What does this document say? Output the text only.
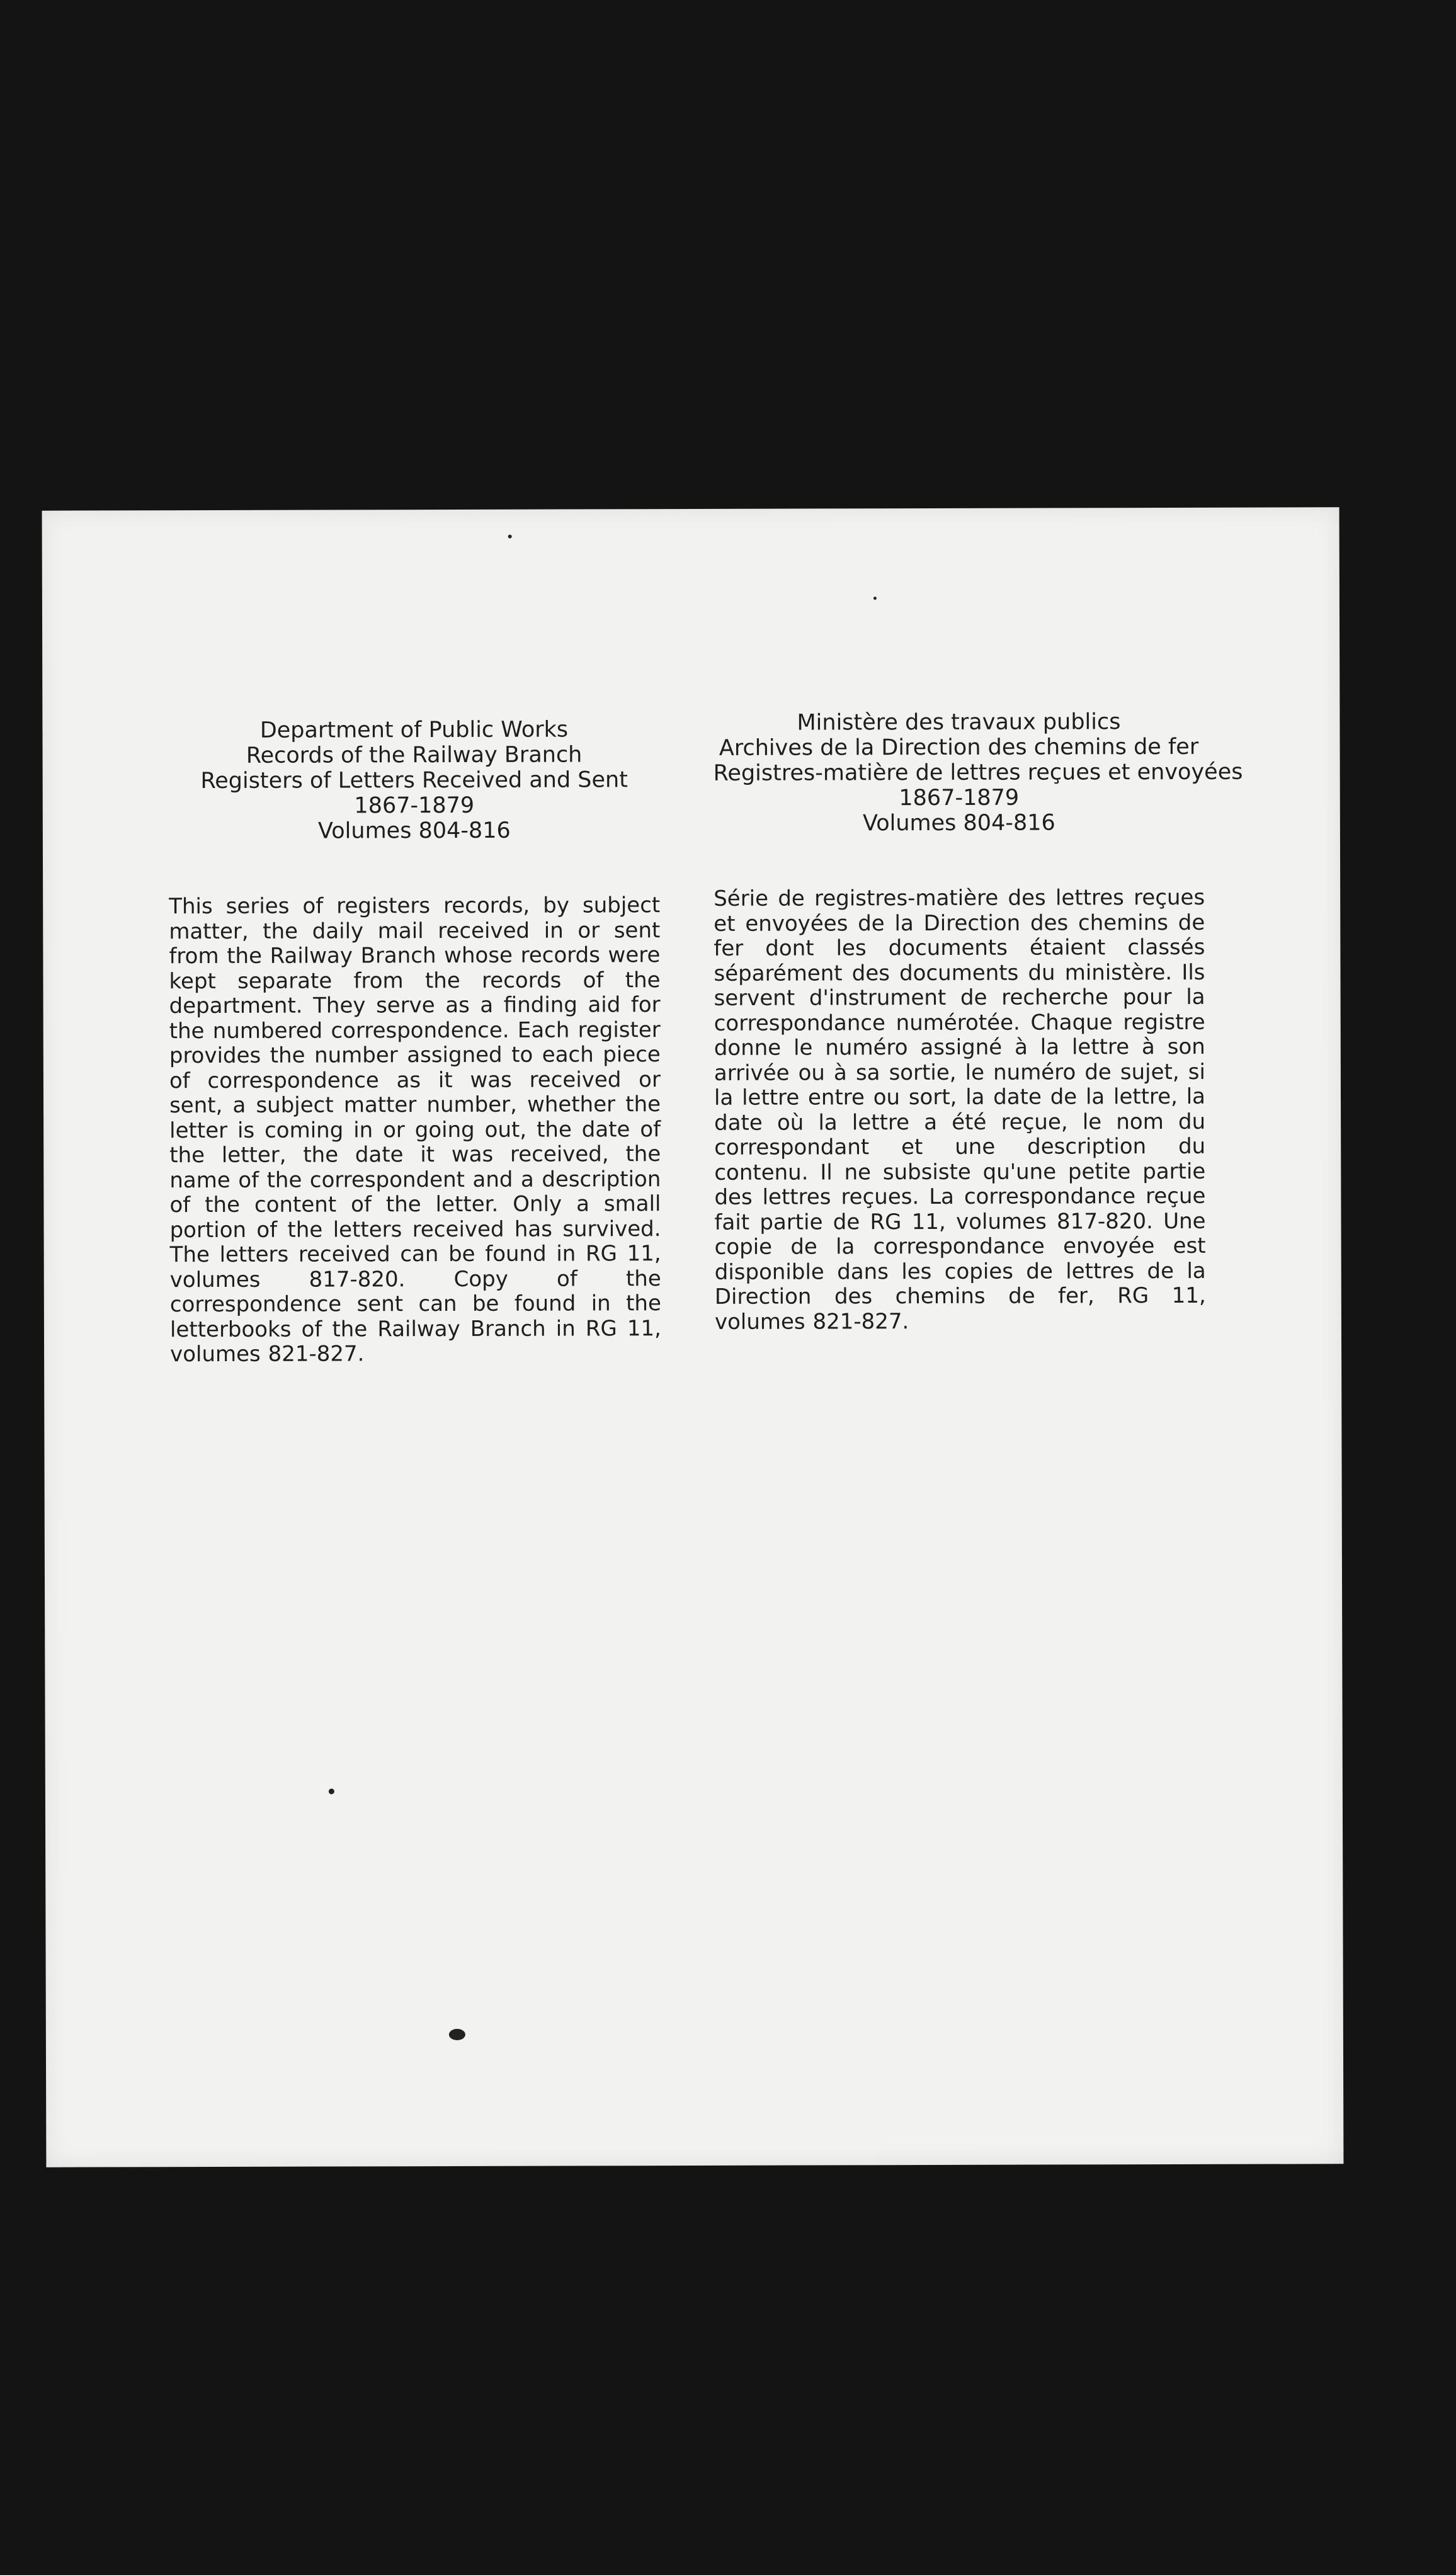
Department of Public Works
Records of the Railway Branch
Registers of Letters Received and Sent
1867-1879
Volumes 804-816
This series of registers records, by subject matter, the daily mail received in or sent from the Railway Branch whose records were kept separate from the records of the department. They serve as a finding aid for the numbered correspondence. Each register provides the number assigned to each piece of correspondence as it was received or sent, a subject matter number, whether the letter is coming in or going out, the date of the letter, the date it was received, the name of the correspondent and a description of the content of the letter. Only a small portion of the letters received has survived. The letters received can be found in RG 11, volumes 817-820. Copy of the correspondence sent can be found in the letterbooks of the Railway Branch in RG 11, volumes 821-827.
Ministère des travaux publics
Archives de la Direction des chemins de fer
Registres-matière de lettres reçues et envoyées
1867-1879
Volumes 804-816
Série de registres-matière des lettres reçues et envoyées de la Direction des chemins de fer dont les documents étaient classés séparément des documents du ministère. Ils servent d'instrument de recherche pour la correspondance numérotée. Chaque registre donne le numéro assigné à la lettre à son arrivée ou à sa sortie, le numéro de sujet, si la lettre entre ou sort, la date de la lettre, la date où la lettre a été reçue, le nom du correspondant et une description du contenu. Il ne subsiste qu'une petite partie des lettres reçues. La correspondance reçue fait partie de RG 11, volumes 817-820. Une copie de la correspondance envoyée est disponible dans les copies de lettres de la Direction des chemins de fer, RG 11, volumes 821-827.
